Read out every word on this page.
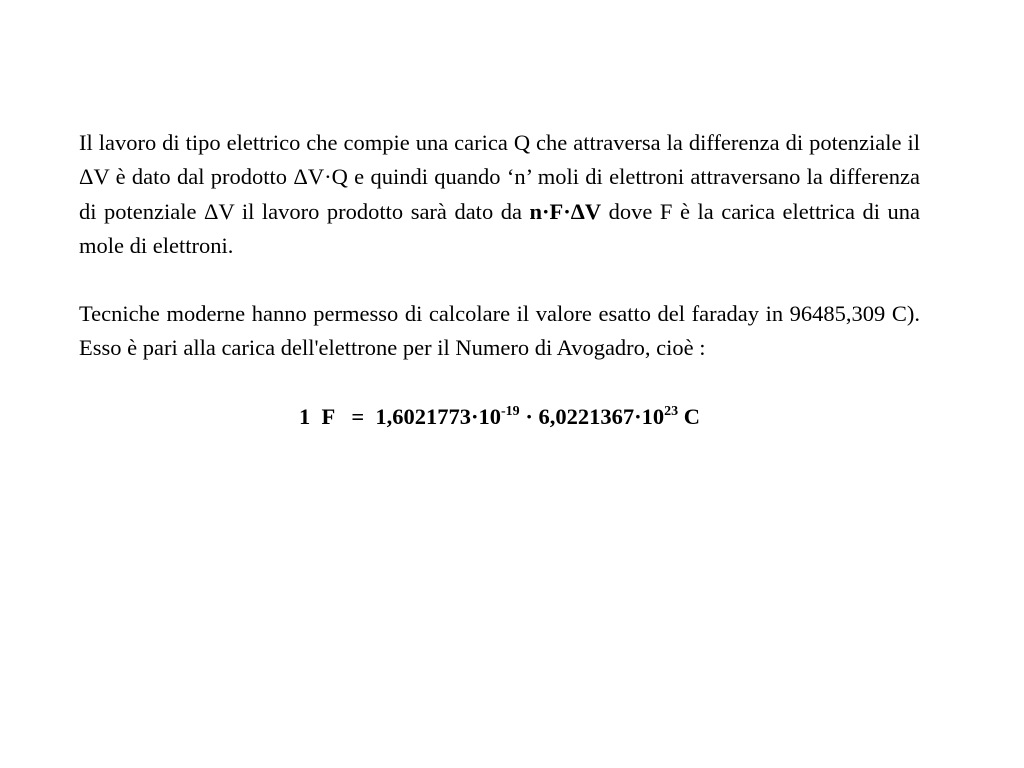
Il lavoro di tipo elettrico che compie una carica Q che attraversa la differenza di potenziale il ΔV è dato dal prodotto ΔV·Q e quindi quando ‘n’ moli di elettroni attraversano la differenza di potenziale ΔV il lavoro prodotto sarà dato da n·F·ΔV dove F è la carica elettrica di una mole di elettroni.

Tecniche moderne hanno permesso di calcolare il valore esatto del faraday in 96485,309 C). Esso è pari alla carica dell'elettrone per il Numero di Avogadro, cioè :

1  $F = 1,6021773\cdot 10^{-19} \cdot 6,0221367\cdot 10^{23}$ C
